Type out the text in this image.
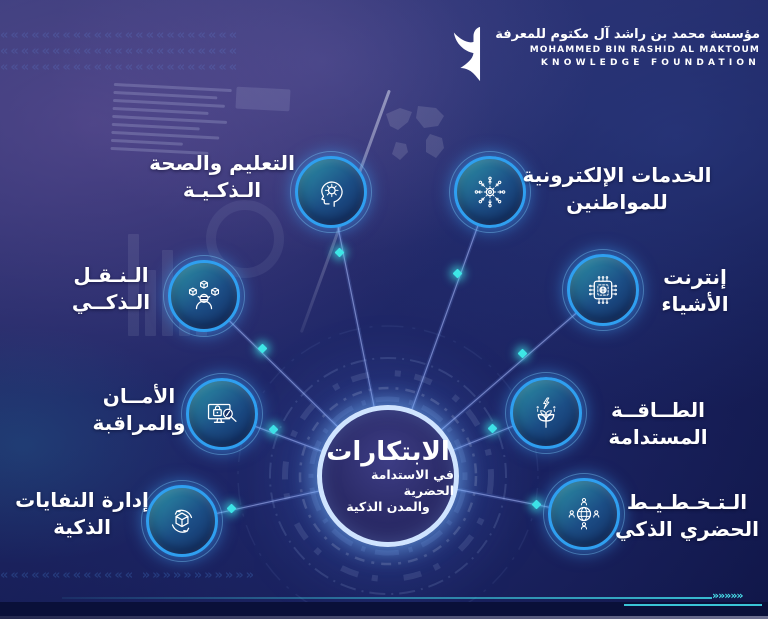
«««««««««««««««««««««««
«««««««««««««««««««««««
«««««««««««««««««««««««
««««««««««««« »»»»»»»»»»»
التعليم والصحة
الـذكـيـة
الـنـقـل
الـذكــي
الأمــان
والمراقبة
إدارة النفايات
الذكية
الخدمات الإلكترونية
للمواطنين
إنترنت
الأشياء
الطــاقــة
المستدامة
الـتـخـطـيـط
الحضري الذكي
الابتكارات
في الاستدامة الحضرية
والمدن الذكية
مؤسسة محمد بن راشد آل مكتوم للمعرفة
MOHAMMED BIN RASHID AL MAKTOUM
KNOWLEDGE FOUNDATION
»»»»»
